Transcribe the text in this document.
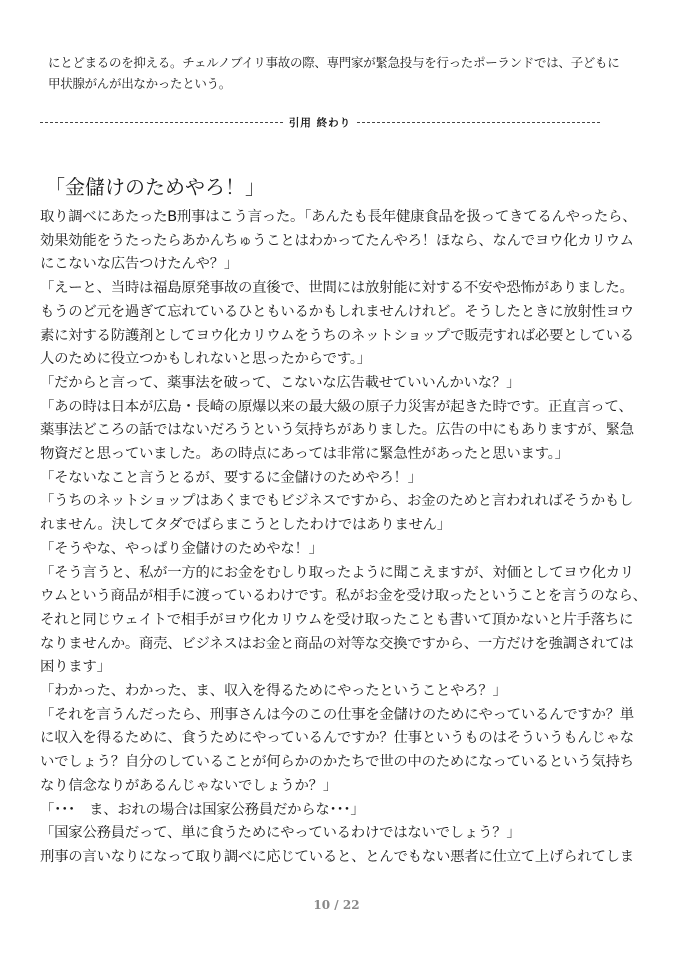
にとどまるのを抑える。チェルノブイリ事故の際、専門家が緊急投与を行ったポーランドでは、子どもに

甲状腺がんが出なかったという。

引用 終わり
「金儲けのためやろ！」

取り調べにあたったB刑事はこう言った。「あんたも長年健康食品を扱ってきてるんやったら、

効果効能をうたったらあかんちゅうことはわかってたんやろ！ほなら、なんでヨウ化カリウム

にこないな広告つけたんや？」

「えーと、当時は福島原発事故の直後で、世間には放射能に対する不安や恐怖がありました。

もうのど元を過ぎて忘れているひともいるかもしれませんけれど。そうしたときに放射性ヨウ

素に対する防護剤としてヨウ化カリウムをうちのネットショップで販売すれば必要としている

人のために役立つかもしれないと思ったからです。」

「だからと言って、薬事法を破って、こないな広告載せていいんかいな？」

「あの時は日本が広島・長崎の原爆以来の最大級の原子力災害が起きた時です。正直言って、

薬事法どころの話ではないだろうという気持ちがありました。広告の中にもありますが、緊急

物資だと思っていました。あの時点にあっては非常に緊急性があったと思います。」

「そないなこと言うとるが、要するに金儲けのためやろ！」

「うちのネットショップはあくまでもビジネスですから、お金のためと言われればそうかもし

れません。決してタダでばらまこうとしたわけではありません」

「そうやな、やっぱり金儲けのためやな！」

「そう言うと、私が一方的にお金をむしり取ったように聞こえますが、対価としてヨウ化カリ

ウムという商品が相手に渡っているわけです。私がお金を受け取ったということを言うのなら、

それと同じウェイトで相手がヨウ化カリウムを受け取ったことも書いて頂かないと片手落ちに

なりませんか。商売、ビジネスはお金と商品の対等な交換ですから、一方だけを強調されては

困ります」

「わかった、わかった、ま、収入を得るためにやったということやろ？」

「それを言うんだったら、刑事さんは今のこの仕事を金儲けのためにやっているんですか？単

に収入を得るために、食うためにやっているんですか？仕事というものはそういうもんじゃな

いでしょう？自分のしていることが何らかのかたちで世の中のためになっているという気持ち

なり信念なりがあるんじゃないでしょうか？」

「･･･　ま、おれの場合は国家公務員だからな･･･」

「国家公務員だって、単に食うためにやっているわけではないでしょう？」

刑事の言いなりになって取り調べに応じていると、とんでもない悪者に仕立て上げられてしま

10 / 22
